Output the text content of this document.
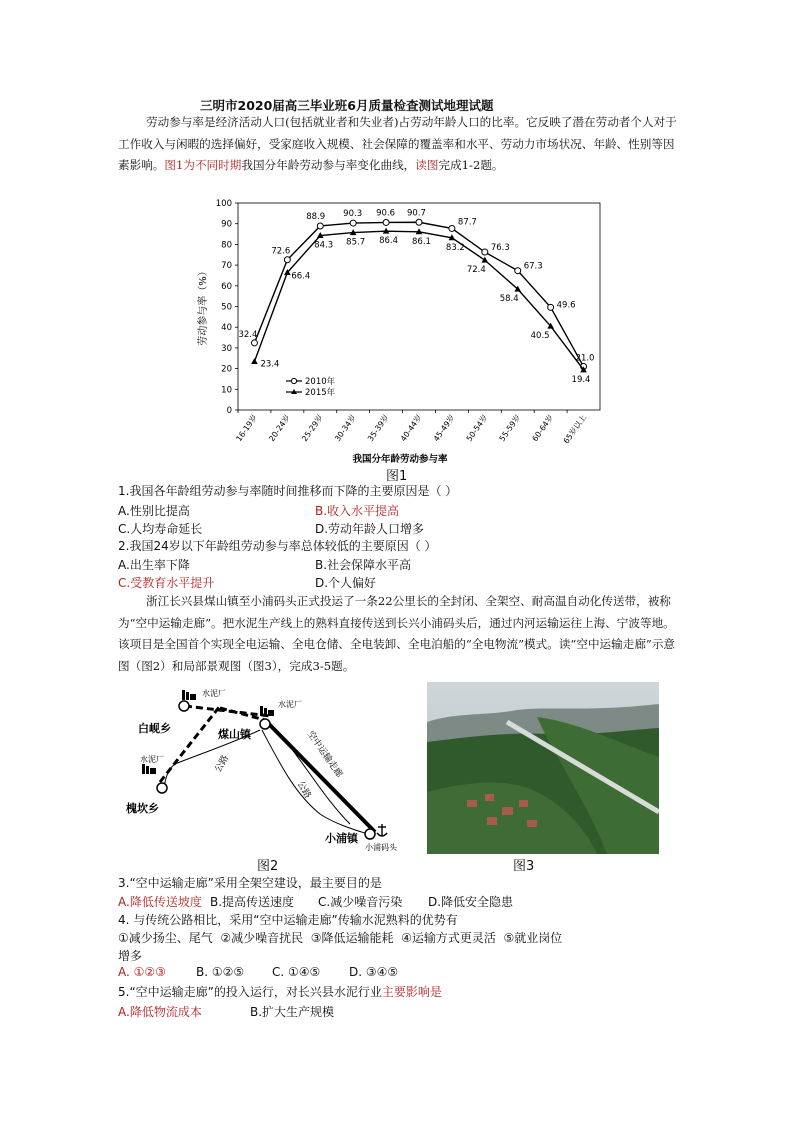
三明市2020届高三毕业班6月质量检查测试地理试题
劳动参与率是经济活动人口(包括就业者和失业者)占劳动年龄人口的比率。它反映了潜在劳动者个人对于工作收入与闲暇的选择偏好，受家庭收入规模、社会保障的覆盖率和水平、劳动力市场状况、年龄、性别等因素影响。图1为不同时期我国分年龄劳动参与率变化曲线，读图完成1-2题。
劳动参与率（%）
0
10
20
30
40
50
60
70
80
90
100
16-19岁 20-24岁 25-29岁 30-34岁 35-39岁 40-44岁 45-49岁 50-54岁 55-59岁 60-64岁 65岁以上
32.4
72.6
88.9 90.3 90.6 90.7
87.7
76.3
67.3
49.6
21.0
23.4
66.4
84.3 85.7 86.4 86.1
83.2
72.4
58.4
40.5
19.4
2010年
2015年
我国分年龄劳动参与率
图1
1.我国各年龄组劳动参与率随时间推移而下降的主要原因是（ ）
A.性别比提高	B.收入水平提高
C.人均寿命延长	D.劳动年龄人口增多
2.我国24岁以下年龄组劳动参与率总体较低的主要原因（ ）
A.出生率下降	B.社会保障水平高
C.受教育水平提升	D.个人偏好
浙江长兴县煤山镇至小浦码头正式投运了一条22公里长的全封闭、全架空、耐高温自动化传送带，被称为“空中运输走廊”。把水泥生产线上的熟料直接传送到长兴小浦码头后，通过内河运输运往上海、宁波等地。该项目是全国首个实现全电运输、全电仓储、全电装卸、全电泊船的“全电物流”模式。读“空中运输走廊”示意图（图2）和局部景观图（图3），完成3-5题。
水泥厂
水泥厂
水泥厂
白岘乡	煤山镇
槐坎乡
小浦镇
小浦码头
公路
公路
空中运输走廊
图2	图3
3.“空中运输走廊”采用全架空建设，最主要目的是
A.降低传送坡度 B.提高传送速度 C.减少噪音污染 D.降低安全隐患
4. 与传统公路相比，采用“空中运输走廊”传输水泥熟料的优势有
①减少扬尘、尾气  ②减少噪音扰民  ③降低运输能耗  ④运输方式更灵活  ⑤就业岗位
增多
A. ①②③	B. ①②⑤ C. ①④⑤ D. ③④⑤
5.“空中运输走廊”的投入运行，对长兴县水泥行业主要影响是
A.降低物流成本	B.扩大生产规模
